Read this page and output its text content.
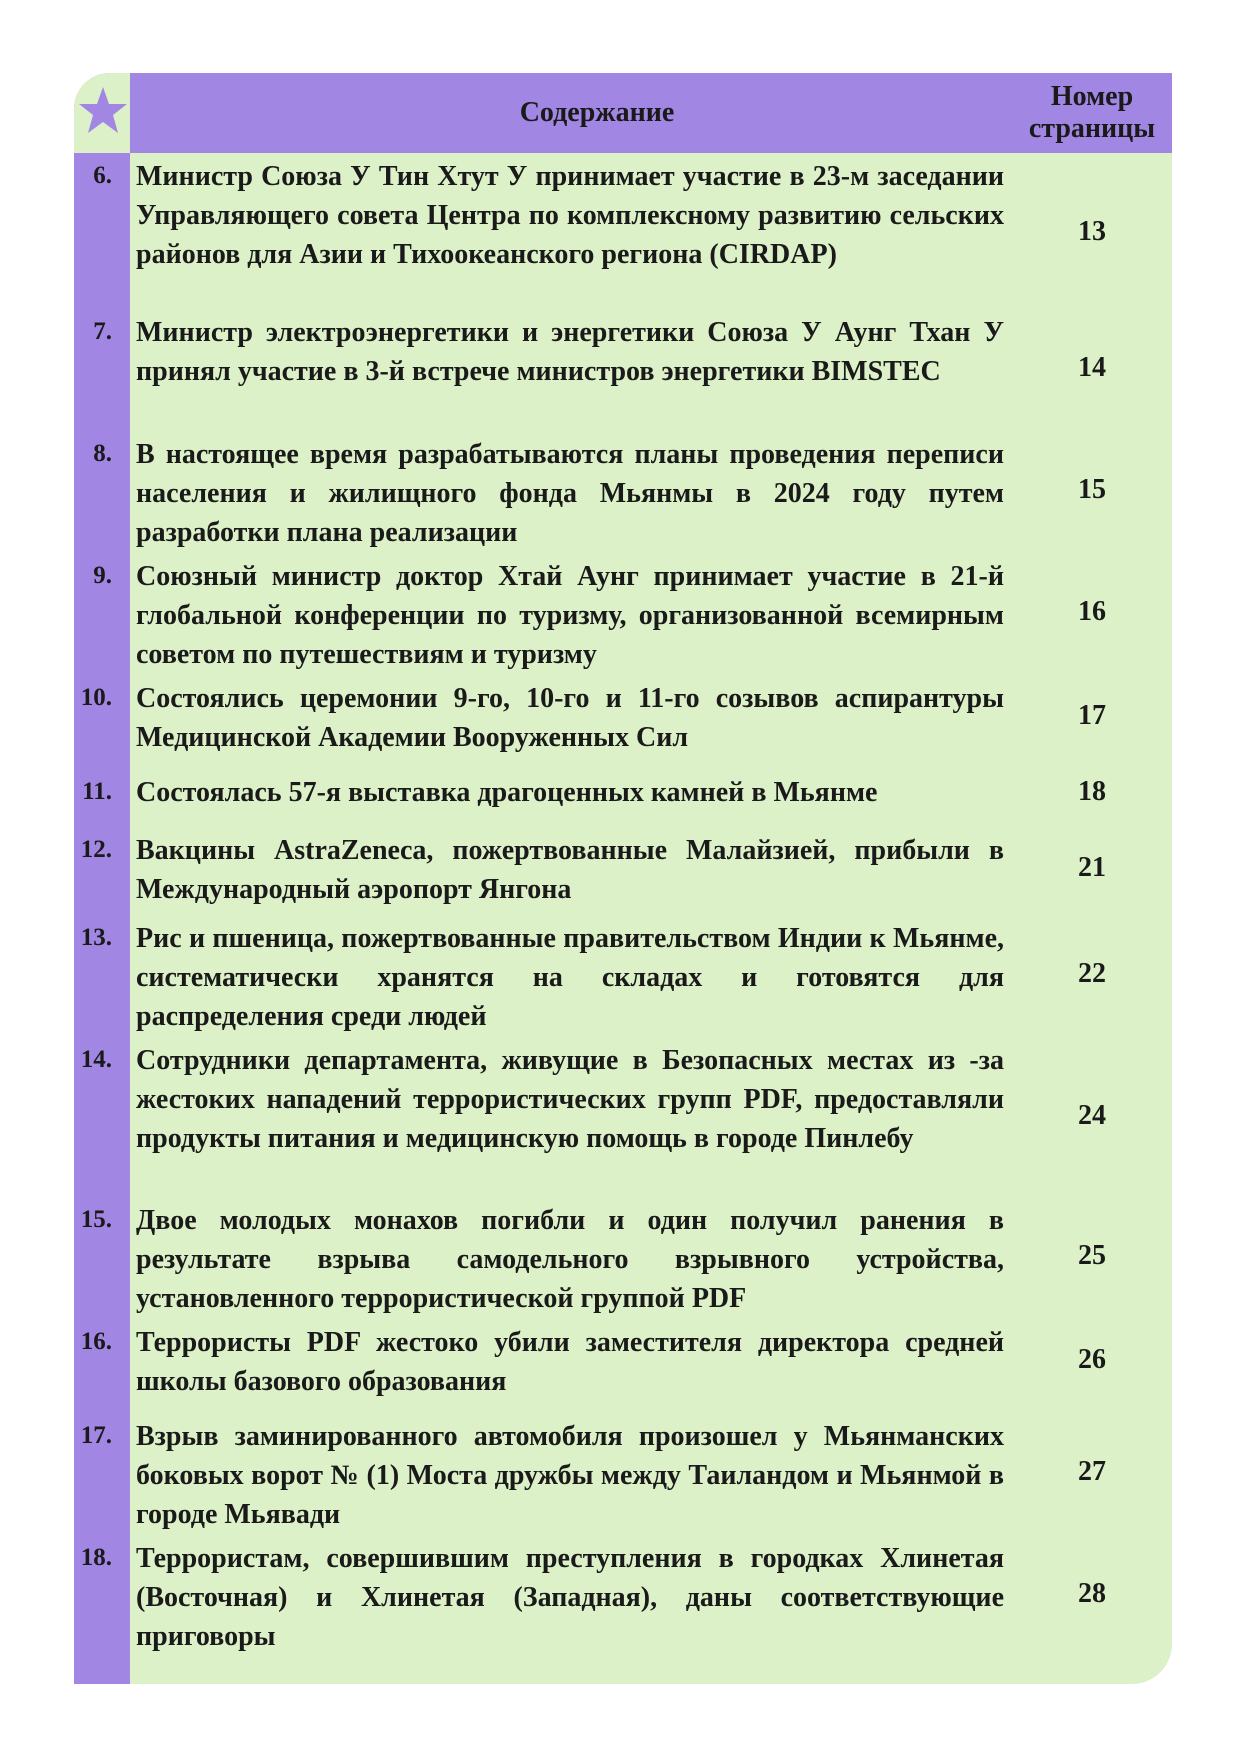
Содержание
Номер
страницы
6. Министр Союза У Тин Хтут У принимает участие в 23-м заседании Управляющего совета Центра по комплексному развитию сельских районов для Азии и Тихоокеанского региона (CIRDAP)
13
7. Министр электроэнергетики и энергетики Союза У Аунг Тхан У принял участие в 3-й встрече министров энергетики BIMSTEC	14
8. В настоящее время разрабатываются планы проведения переписи населения и жилищного фонда Мьянмы в 2024 году путем разработки плана реализации
15
9. Союзный министр доктор Хтай Аунг принимает участие в 21-й глобальной конференции по туризму, организованной всемирным советом по путешествиям и туризму
16
10. Состоялись церемонии 9-го, 10-го и 11-го созывов аспирантуры Медицинской Академии Вооруженных Сил
17
11. Состоялась 57-я выставка драгоценных камней в Мьянме	18
12. Вакцины AstraZeneca, пожертвованные Малайзией, прибыли в Международный аэропорт Янгона
21
13. Рис и пшеница, пожертвованные правительством Индии к Мьянме, систематически хранятся на складах и готовятся для распределения среди людей
22
14. Сотрудники департамента, живущие в Безопасных местах из -за жестоких нападений террористических групп PDF, предоставляли продукты питания и медицинскую помощь в городе Пинлебу
24
15. Двое молодых монахов погибли и один получил ранения в результате взрыва самодельного взрывного устройства, установленного террористической группой PDF
25
16. Террористы PDF жестоко убили заместителя директора средней школы базового образования
26
17. Взрыв заминированного автомобиля произошел у Мьянманских боковых ворот № (1) Моста дружбы между Таиландом и Мьянмой в городе Мьявади
27
18. Террористам, совершившим преступления в городках Хлинетая (Восточная) и Хлинетая (Западная), даны соответствующие приговоры
28
